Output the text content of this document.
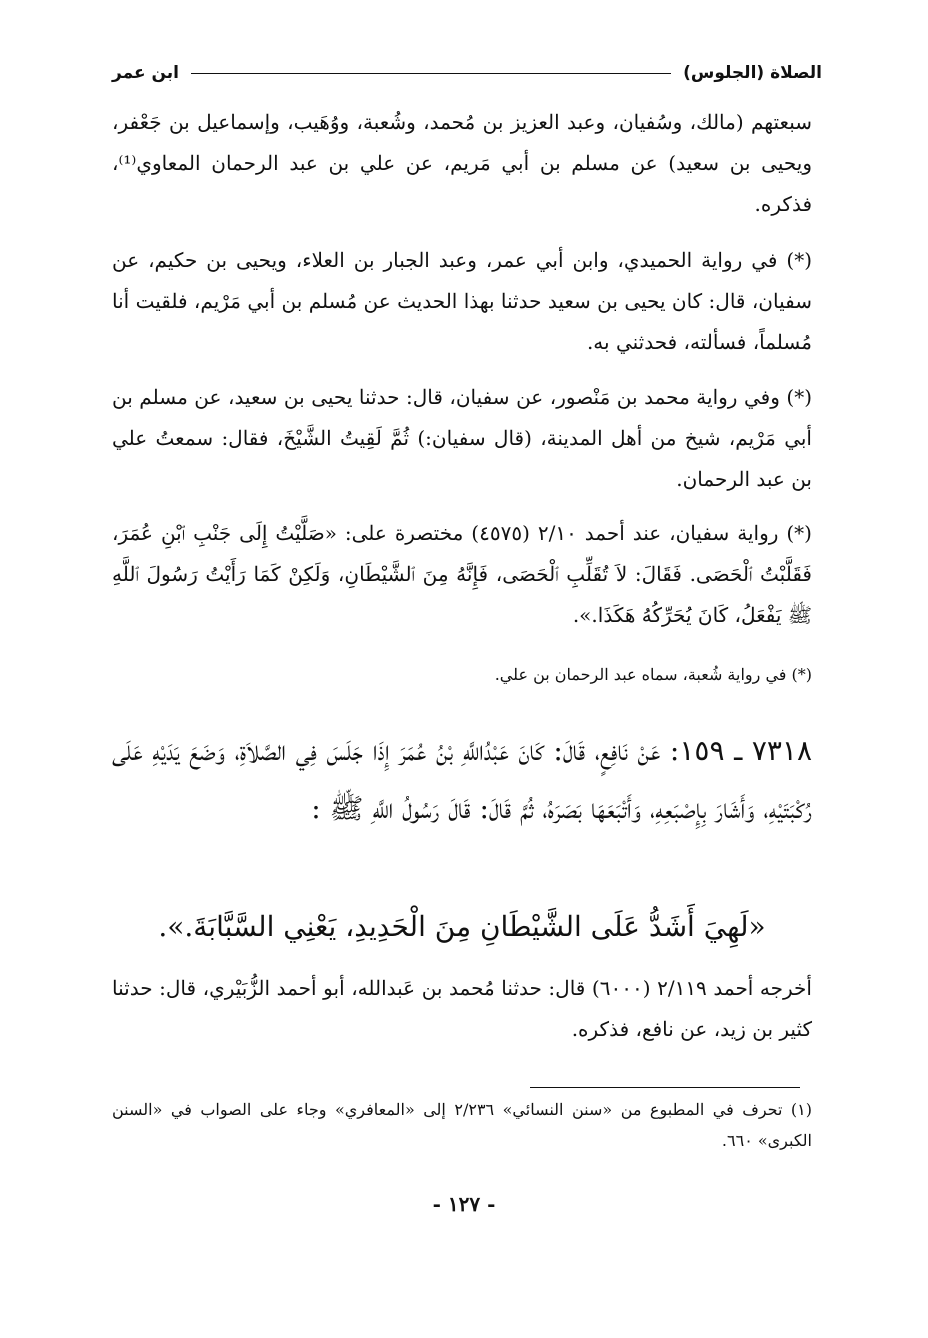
الصلاة (الجلوس)
ابن عمر
سبعتهم (مالك، وسُفيان، وعبد العزيز بن مُحمد، وشُعبة، ووُهَيب، وإسماعيل بن جَعْفر، ويحيى بن سعيد) عن مسلم بن أبي مَريم، عن علي بن عبد الرحمان المعاوي⁽¹⁾، فذكره.
(*) في رواية الحميدي، وابن أبي عمر، وعبد الجبار بن العلاء، ويحيى بن حكيم، عن سفيان، قال: كان يحيى بن سعيد حدثنا بهذا الحديث عن مُسلم بن أبي مَرْيم، فلقيت أنا مُسلماً، فسألته، فحدثني به.
(*) وفي رواية محمد بن مَنْصور، عن سفيان، قال: حدثنا يحيى بن سعيد، عن مسلم بن أبي مَرْيم، شيخ من أهل المدينة، (قال سفيان:) ثُمَّ لَقِيتُ الشَّيْخَ، فقال: سمعتُ علي بن عبد الرحمان.
(*) رواية سفيان، عند أحمد ٢/١٠ (٤٥٧٥) مختصرة على: «صَلَّيْتُ إِلَى جَنْبِ ٱبْنِ عُمَرَ، فَقَلَّبْتُ ٱلْحَصَى. فَقَالَ: لاَ تُقَلِّبِ ٱلْحَصَى، فَإِنَّهُ مِنَ ٱلشَّيْطَانِ، وَلَكِنْ كَمَا رَأَيْتُ رَسُولَ ٱللَّهِ ﷺ يَفْعَلُ، كَانَ يُحَرِّكُهُ هَكَذَا.».
(*) في رواية شُعبة، سماه عبد الرحمان بن علي.
٧٣١٨ ـ ١٥٩: عَنْ نَافِعٍ، قَالَ: كَانَ عَبْدُاللَّهِ بْنُ عُمَرَ إِذَا جَلَسَ فِي الصَّلاَةِ، وَضَعَ يَدَيْهِ عَلَى رُكْبَتَيْهِ، وَأَشَارَ بِإِصْبَعِهِ، وَأَتْبَعَهَا بَصَرَهُ، ثُمَّ قَالَ: قَالَ رَسُولُ اللَّهِ ﷺ :
«لَهِيَ أَشَدُّ عَلَى الشَّيْطَانِ مِنَ الْحَدِيدِ، يَعْنِي السَّبَّابَةَ.».
أخرجه أحمد ٢/١١٩ (٦٠٠٠) قال: حدثنا مُحمد بن عَبدالله، أبو أحمد الزُّبَيْري، قال: حدثنا كثير بن زيد، عن نافع، فذكره.
(١) تحرف في المطبوع من «سنن النسائي» ٢/٢٣٦ إلى «المعافري» وجاء على الصواب في «السنن الكبرى» ٦٦٠.
- ١٢٧ -
